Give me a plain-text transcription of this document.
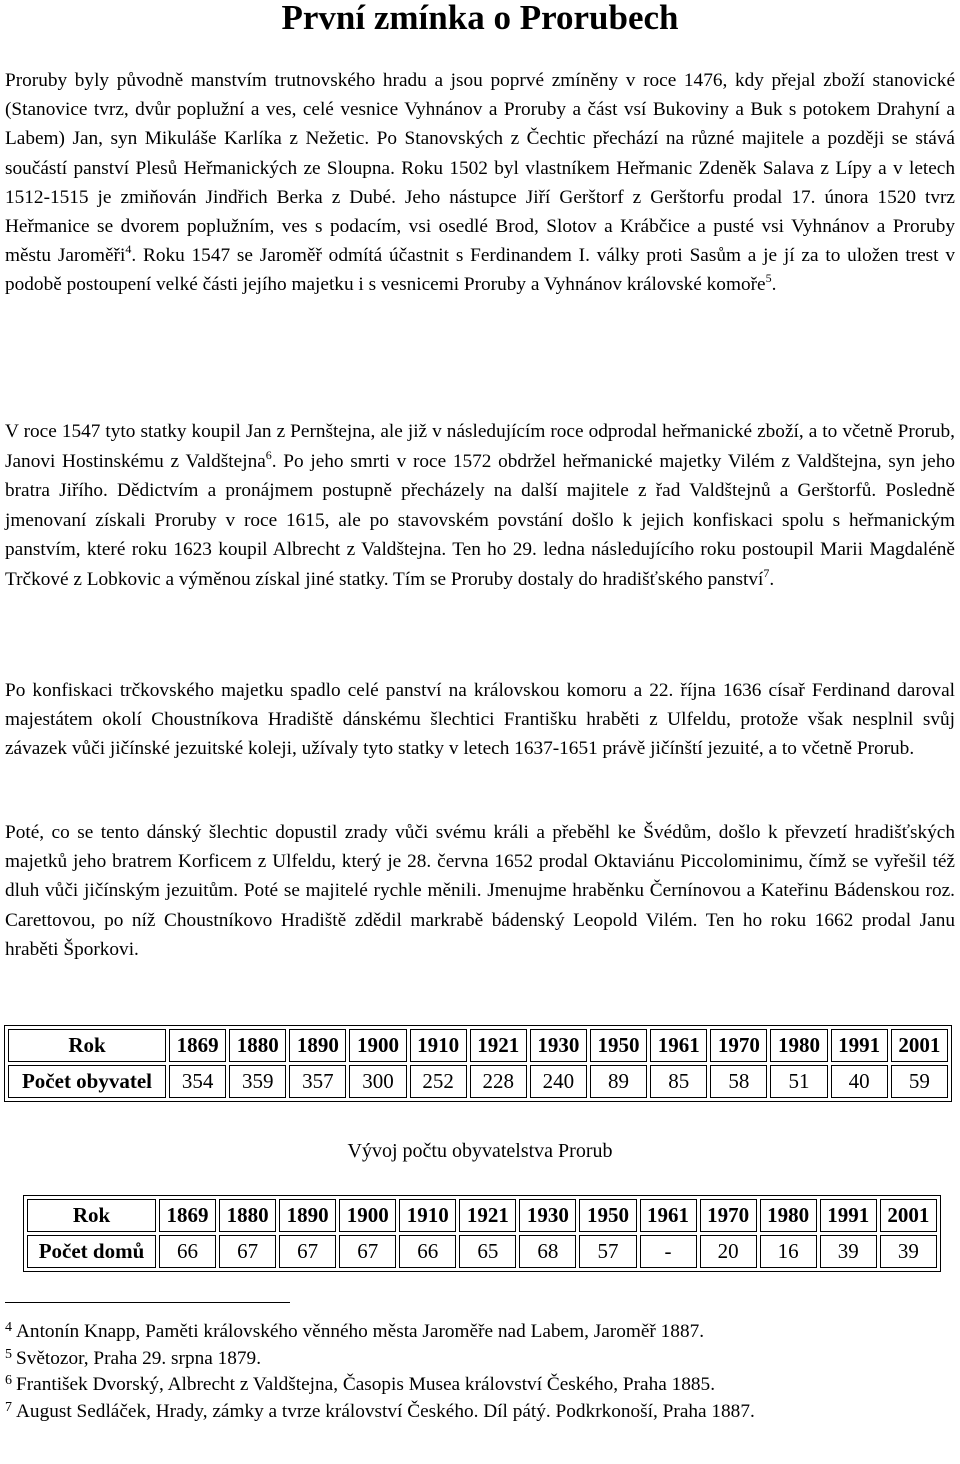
První zmínka o Prorubech

Proruby byly původně manstvím trutnovského hradu a jsou poprvé zmíněny v roce 1476, kdy přejal zboží stanovické (Stanovice tvrz, dvůr poplužní a ves, celé vesnice Vyhnánov a Proruby a část vsí Bukoviny a Buk s potokem Drahyní a Labem) Jan, syn Mikuláše Karlíka z Nežetic. Po Stanovských z Čechtic přechází na různé majitele a později se stává součástí panství Plesů Heřmanických ze Sloupna. Roku 1502 byl vlastníkem Heřmanic Zdeněk Salava z Lípy a v letech 1512-1515 je zmiňován Jindřich Berka z Dubé. Jeho nástupce Jiří Gerštorf z Gerštorfu prodal 17. února 1520 tvrz Heřmanice se dvorem poplužním, ves s podacím, vsi osedlé Brod, Slotov a Krábčice a pusté vsi Vyhnánov a Proruby městu Jaroměři$^4$. Roku 1547 se Jaroměř odmítá účastnit s Ferdinandem I. války proti Sasům a je jí za to uložen trest v podobě postoupení velké části jejího majetku i s vesnicemi Proruby a Vyhnánov královské komoře$^5$.

V roce 1547 tyto statky koupil Jan z Pernštejna, ale již v následujícím roce odprodal heřmanické zboží, a to včetně Prorub, Janovi Hostinskému z Valdštejna$^6$. Po jeho smrti v roce 1572 obdržel heřmanické majetky Vilém z Valdštejna, syn jeho bratra Jiřího. Dědictvím a pronájmem postupně přecházely na další majitele z řad Valdštejnů a Gerštorfů. Posledně jmenovaní získali Proruby v roce 1615, ale po stavovském povstání došlo k jejich konfiskaci spolu s heřmanickým panstvím, které roku 1623 koupil Albrecht z Valdštejna. Ten ho 29. ledna následujícího roku postoupil Marii Magdaléně Trčkové z Lobkovic a výměnou získal jiné statky. Tím se Proruby dostaly do hradišťského panství$^7$.

Po konfiskaci trčkovského majetku spadlo celé panství na královskou komoru a 22. října 1636 císař Ferdinand daroval majestátem okolí Choustníkova Hradiště dánskému šlechtici Františku hraběti z Ulfeldu, protože však nesplnil svůj závazek vůči jičínské jezuitské koleji, užívaly tyto statky v letech 1637-1651 právě jičínští jezuité, a to včetně Prorub.

Poté, co se tento dánský šlechtic dopustil zrady vůči svému králi a přeběhl ke Švédům, došlo k převzetí hradišťských majetků jeho bratrem Korficem z Ulfeldu, který je 28. června 1652 prodal Oktaviánu Piccolominimu, čímž se vyřešil též dluh vůči jičínským jezuitům. Poté se majitelé rychle měnili. Jmenujme hraběnku Černínovou a Kateřinu Bádenskou roz. Carettovou, po níž Choustníkovo Hradiště zdědil markrabě bádenský Leopold Vilém. Ten ho roku 1662 prodal Janu hraběti Šporkovi.

Rok	1869	1880	1890	1900	1910	1921	1930	1950	1961	1970	1980	1991	2001
Počet obyvatel	354	359	357	300	252	228	240	89	85	58	51	40	59

Vývoj počtu obyvatelstva Prorub

Rok	1869	1880	1890	1900	1910	1921	1930	1950	1961	1970	1980	1991	2001
Počet domů	66	67	67	67	66	65	68	57	-	20	16	39	39
$^4$ Antonín Knapp, Paměti královského věnného města Jaroměře nad Labem, Jaroměř 1887.
$^5$ Světozor, Praha 29. srpna 1879.
$^6$ František Dvorský, Albrecht z Valdštejna, Časopis Musea království Českého, Praha 1885.
$^7$ August Sedláček, Hrady, zámky a tvrze království Českého. Díl pátý. Podkrkonoší, Praha 1887.
